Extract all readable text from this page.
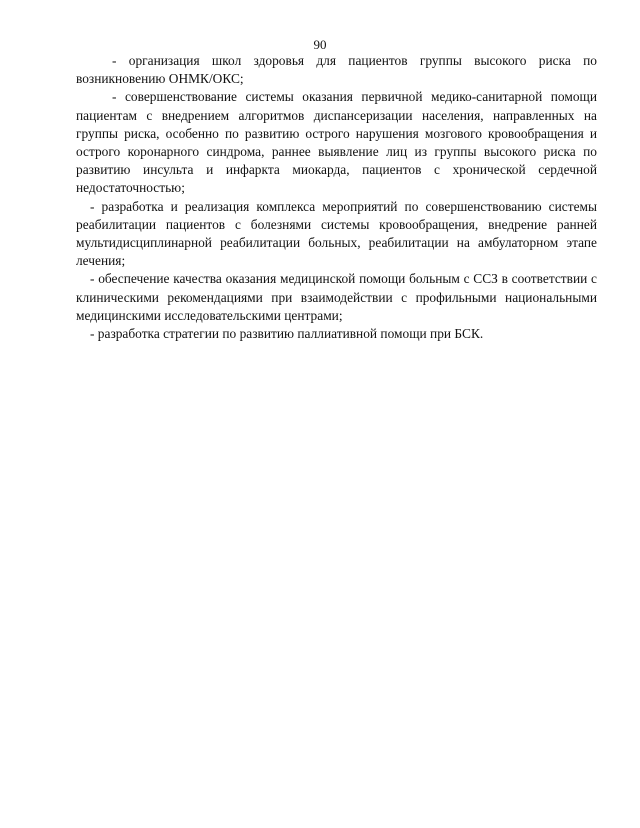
90

- организация школ здоровья для пациентов группы высокого риска по возникновению ОНМК/ОКС;

- совершенствование системы оказания первичной медико-санитарной помощи пациентам с внедрением алгоритмов диспансеризации населения, направленных на группы риска, особенно по развитию острого нарушения мозгового кровообращения и острого коронарного синдрома, раннее выявление лиц из группы высокого риска по развитию инсульта и инфаркта миокарда, пациентов с хронической сердечной недостаточностью;

- разработка и реализация комплекса мероприятий по совершенствованию системы реабилитации пациентов с болезнями системы кровообращения, внедрение ранней мультидисциплинарной реабилитации больных, реабилитации на амбулаторном этапе лечения;

- обеспечение качества оказания медицинской помощи больным с ССЗ в соответствии с клиническими рекомендациями при взаимодействии с профильными национальными медицинскими исследовательскими центрами;

- разработка стратегии по развитию паллиативной помощи при БСК.
